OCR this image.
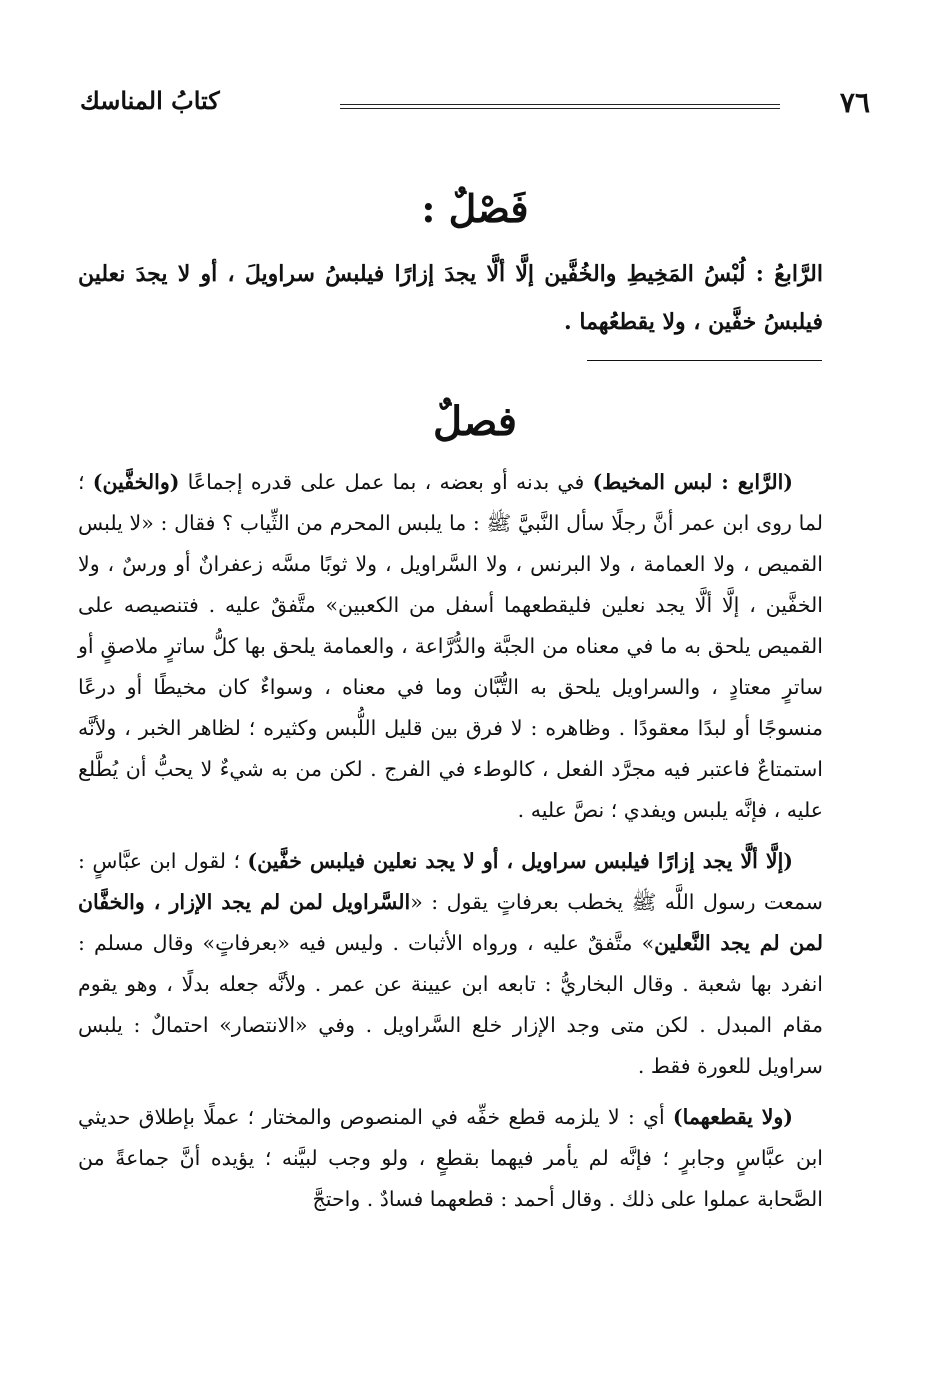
٧٦
كتابُ المناسك
فَصْلٌ :
الرَّابعُ : لُبْسُ المَخِيطِ والخُفَّين إلَّا ألَّا يجدَ إزارًا فيلبسُ سراويلَ ، أو لا يجدَ نعلين فيلبسُ خفَّين ، ولا يقطعُهما .
فصلٌ

(الرَّابع : لبس المخيط) في بدنه أو بعضه ، بما عمل على قدره إجماعًا (والخفَّين) ؛ لما روى ابن عمر أنَّ رجلًا سأل النَّبيَّ ﷺ : ما يلبس المحرم من الثِّياب ؟ فقال : «لا يلبس القميص ، ولا العمامة ، ولا البرنس ، ولا السَّراويل ، ولا ثوبًا مسَّه زعفرانٌ أو ورسٌ ، ولا الخفَّين ، إلَّا ألَّا يجد نعلين فليقطعهما أسفل من الكعبين» متَّفقٌ عليه . فتنصيصه على القميص يلحق به ما في معناه من الجبَّة والدُّرَّاعة ، والعمامة يلحق بها كلُّ ساترٍ ملاصقٍ أو ساترٍ معتادٍ ، والسراويل يلحق به التُّبَّان وما في معناه ، وسواءٌ كان مخيطًا أو درعًا منسوجًا أو لبدًا معقودًا . وظاهره : لا فرق بين قليل اللُّبس وكثيره ؛ لظاهر الخبر ، ولأنَّه استمتاعٌ فاعتبر فيه مجرَّد الفعل ، كالوطء في الفرج . لكن من به شيءٌ لا يحبُّ أن يُطَّلع عليه ، فإنَّه يلبس ويفدي ؛ نصَّ عليه .

(إلَّا ألَّا يجد إزارًا فيلبس سراويل ، أو لا يجد نعلين فيلبس خفَّين) ؛ لقول ابن عبَّاسٍ : سمعت رسول اللَّه ﷺ يخطب بعرفاتٍ يقول : «السَّراويل لمن لم يجد الإزار ، والخفَّان لمن لم يجد النَّعلين» متَّفقٌ عليه ، ورواه الأثبات . وليس فيه «بعرفاتٍ» وقال مسلم : انفرد بها شعبة . وقال البخاريُّ : تابعه ابن عيينة عن عمر . ولأنَّه جعله بدلًا ، وهو يقوم مقام المبدل . لكن متى وجد الإزار خلع السَّراويل . وفي «الانتصار» احتمالٌ : يلبس سراويل للعورة فقط .

(ولا يقطعهما) أي : لا يلزمه قطع خفِّه في المنصوص والمختار ؛ عملًا بإطلاق حديثي ابن عبَّاسٍ وجابرٍ ؛ فإنَّه لم يأمر فيهما بقطعٍ ، ولو وجب لبيَّنه ؛ يؤيده أنَّ جماعةً من الصَّحابة عملوا على ذلك . وقال أحمد : قطعهما فسادٌ . واحتجَّ
